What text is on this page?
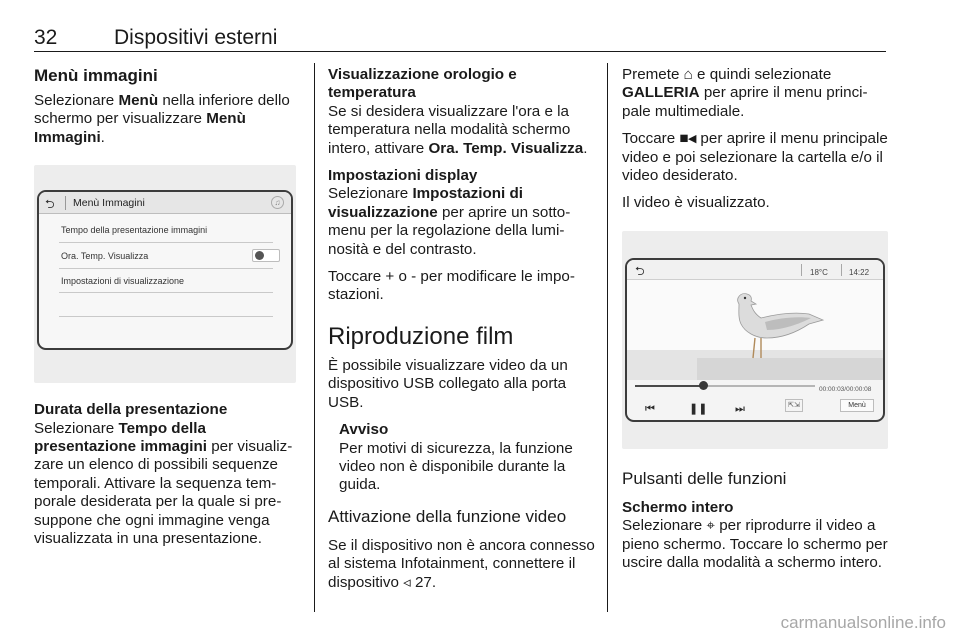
32	Dispositivi esterni
Menù immagini

Selezionare Menù nella inferiore dello schermo per visualizzare Menù Immagini.

⮌ Menù Immagini	♫
Tempo della presentazione immagini
Ora. Temp. Visualizza
Impostazioni di visualizzazione
Durata della presentazione

Selezionare Tempo della presentazione immagini per visualizzare un elenco di possibili sequenze temporali. Attivare la sequenza temporale desiderata per la quale si presuppone che ogni immagine venga visualizzata in una presentazione.

Visualizzazione orologio e temperatura

Se si desidera visualizzare l'ora e la temperatura nella modalità schermo intero, attivare Ora. Temp. Visualizza.

Impostazioni display

Selezionare Impostazioni di visualizzazione per aprire un sottomenu per la regolazione della luminosità e del contrasto.

Toccare + o - per modificare le impostazioni.

Riproduzione film

È possibile visualizzare video da un dispositivo USB collegato alla porta USB.

Avviso

Per motivi di sicurezza, la funzione video non è disponibile durante la guida.

Attivazione della funzione video

Se il dispositivo non è ancora connesso al sistema Infotainment, connettere il dispositivo ◃ 27.

Premete ⌂ e quindi selezionate GALLERIA per aprire il menu principale multimediale.

Toccare ■◂ per aprire il menu principale video e poi selezionare la cartella e/o il video desiderato.

Il video è visualizzato.

⮌	18°C	14:22
00:00:03/00:00:08
⏮	❚❚	⏭	⇱⇲	Menù
Pulsanti delle funzioni
Schermo intero

Selezionare ⌖ per riprodurre il video a pieno schermo. Toccare lo schermo per uscire dalla modalità a schermo intero.

carmanualsonline.info
